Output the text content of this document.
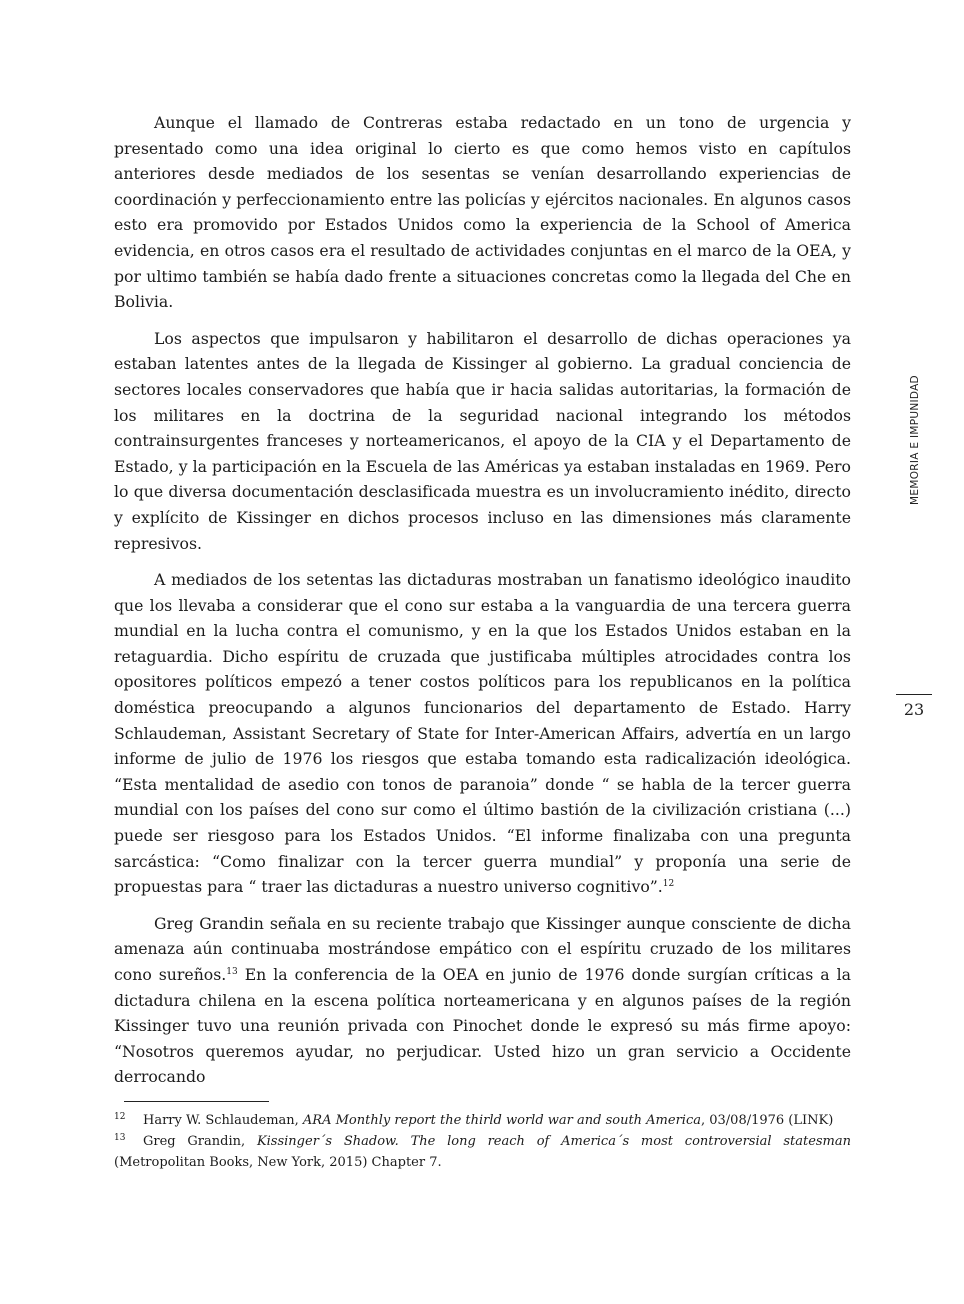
Aunque el llamado de Contreras estaba redactado en un tono de urgencia y presentado como una idea original lo cierto es que como hemos visto en capítulos anteriores desde mediados de los sesentas se venían desarrollando experiencias de coordinación y perfeccionamiento entre las policías y ejércitos nacionales. En algunos casos esto era promovido por Estados Unidos como la experiencia de la School of America evidencia, en otros casos era el resultado de actividades conjuntas en el marco de la OEA, y por ultimo también se había dado frente a situaciones concretas como la llegada del Che en Bolivia.

Los aspectos que impulsaron y habilitaron el desarrollo de dichas operaciones ya estaban latentes antes de la llegada de Kissinger al gobierno. La gradual conciencia de sectores locales conservadores que había que ir hacia salidas autoritarias, la formación de los militares en la doctrina de la seguridad nacional integrando los métodos contrainsurgentes franceses y norteamericanos, el apoyo de la CIA y el Departamento de Estado, y la participación en la Escuela de las Américas ya estaban instaladas en 1969. Pero lo que diversa documentación desclasificada muestra es un involucramiento inédito, directo y explícito de Kissinger en dichos procesos incluso en las dimensiones más claramente represivos.

A mediados de los setentas las dictaduras mostraban un fanatismo ideológico inaudito que los llevaba a considerar que el cono sur estaba a la vanguardia de una tercera guerra mundial en la lucha contra el comunismo, y en la que los Estados Unidos estaban en la retaguardia. Dicho espíritu de cruzada que justificaba múltiples atrocidades contra los opositores políticos empezó a tener costos políticos para los republicanos en la política doméstica preocupando a algunos funcionarios del departamento de Estado. Harry Schlaudeman, Assistant Secretary of State for Inter-American Affairs, advertía en un largo informe de julio de 1976 los riesgos que estaba tomando esta radicalización ideológica. “Esta mentalidad de asedio con tonos de paranoia” donde “ se habla de la tercer guerra mundial con los países del cono sur como el último bastión de la civilización cristiana (...) puede ser riesgoso para los Estados Unidos. “El informe finalizaba con una pregunta sarcástica: “Como finalizar con la tercer guerra mundial” y proponía una serie de propuestas para “ traer las dictaduras a nuestro universo cognitivo”.$^{12}$

Greg Grandin señala en su reciente trabajo que Kissinger aunque consciente de dicha amenaza aún continuaba mostrándose empático con el espíritu cruzado de los militares cono sureños.$^{13}$ En la conferencia de la OEA en junio de 1976 donde surgían críticas a la dictadura chilena en la escena política norteamericana y en algunos países de la región Kissinger tuvo una reunión privada con Pinochet donde le expresó su más firme apoyo: “Nosotros queremos ayudar, no perjudicar. Usted hizo un gran servicio a Occidente derrocando

MEMORIA E IMPUNIDAD
23

12 Harry W. Schlaudeman, ARA Monthly report the thirld world war and south America, 03/08/1976 (LINK)

13 Greg Grandin, Kissinger´s Shadow. The long reach of America´s most controversial statesman (Metropolitan Books, New York, 2015) Chapter 7.
